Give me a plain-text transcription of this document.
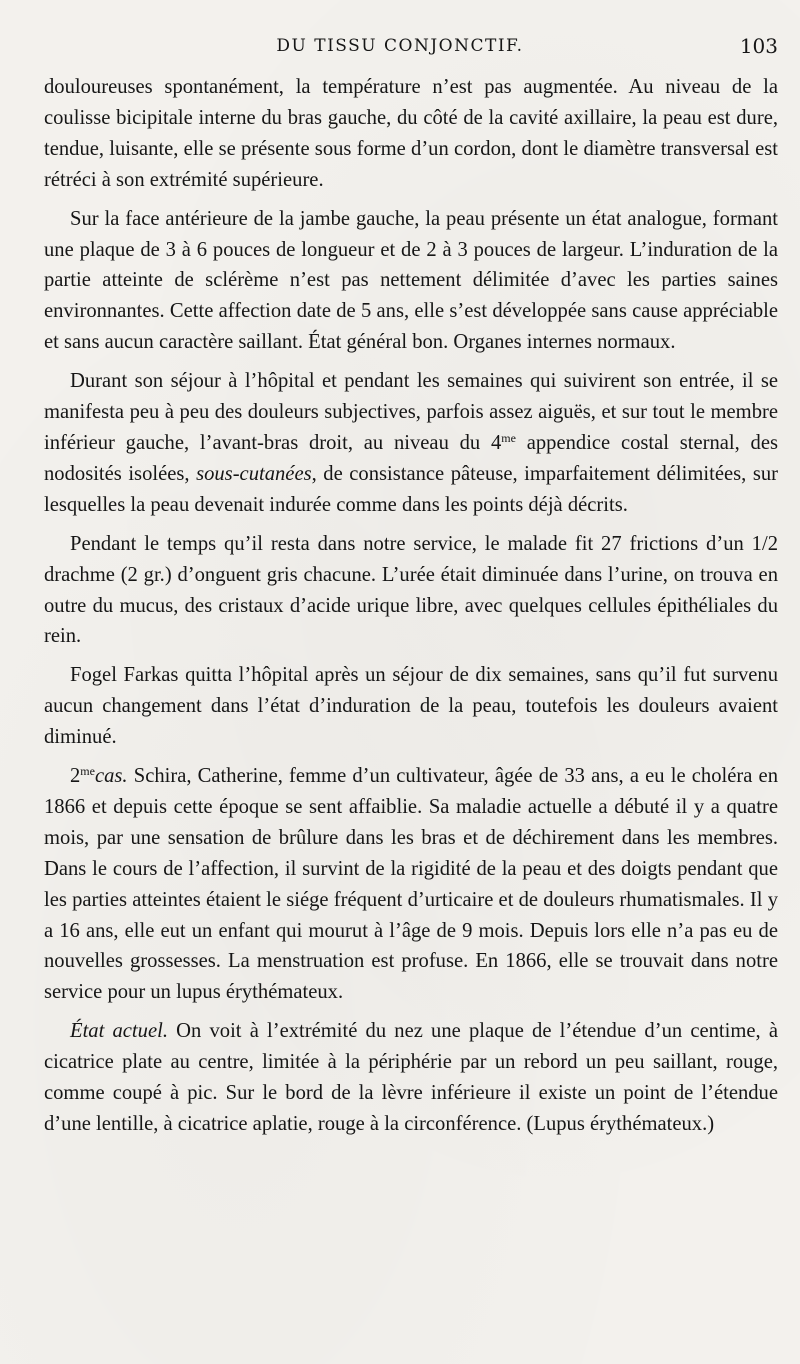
DU TISSU CONJONCTIF.	103

douloureuses spontanément, la température n’est pas augmentée. Au niveau de la coulisse bicipitale interne du bras gauche, du côté de la cavité axillaire, la peau est dure, tendue, luisante, elle se présente sous forme d’un cordon, dont le diamètre transversal est rétréci à son extrémité supérieure.

Sur la face antérieure de la jambe gauche, la peau présente un état analogue, formant une plaque de 3 à 6 pouces de longueur et de 2 à 3 pouces de largeur. L’induration de la partie atteinte de sclérème n’est pas nettement délimitée d’avec les parties saines environnantes. Cette affection date de 5 ans, elle s’est développée sans cause appréciable et sans aucun caractère saillant. État général bon. Organes internes normaux.

Durant son séjour à l’hôpital et pendant les semaines qui suivirent son entrée, il se manifesta peu à peu des douleurs subjectives, parfois assez aiguës, et sur tout le membre inférieur gauche, l’avant-bras droit, au niveau du $4^{me}$ appendice costal sternal, des nodosités isolées, sous-cutanées, de consistance pâteuse, imparfaitement délimitées, sur lesquelles la peau devenait indurée comme dans les points déjà décrits.

Pendant le temps qu’il resta dans notre service, le malade fit 27 frictions d’un 1/2 drachme (2 gr.) d’onguent gris chacune. L’urée était diminuée dans l’urine, on trouva en outre du mucus, des cristaux d’acide urique libre, avec quelques cellules épithéliales du rein.

Fogel Farkas quitta l’hôpital après un séjour de dix semaines, sans qu’il fut survenu aucun changement dans l’état d’induration de la peau, toutefois les douleurs avaient diminué.

$2^{me}cas$. Schira, Catherine, femme d’un cultivateur, âgée de 33 ans, a eu le choléra en 1866 et depuis cette époque se sent affaiblie. Sa maladie actuelle a débuté il y a quatre mois, par une sensation de brûlure dans les bras et de déchirement dans les membres. Dans le cours de l’affection, il survint de la rigidité de la peau et des doigts pendant que les parties atteintes étaient le siége fréquent d’urticaire et de douleurs rhumatismales. Il y a 16 ans, elle eut un enfant qui mourut à l’âge de 9 mois. Depuis lors elle n’a pas eu de nouvelles grossesses. La menstruation est profuse. En 1866, elle se trouvait dans notre service pour un lupus érythémateux.

État actuel. On voit à l’extrémité du nez une plaque de l’étendue d’un centime, à cicatrice plate au centre, limitée à la périphérie par un rebord un peu saillant, rouge, comme coupé à pic. Sur le bord de la lèvre inférieure il existe un point de l’étendue d’une lentille, à cicatrice aplatie, rouge à la circonférence. (Lupus érythémateux.)
